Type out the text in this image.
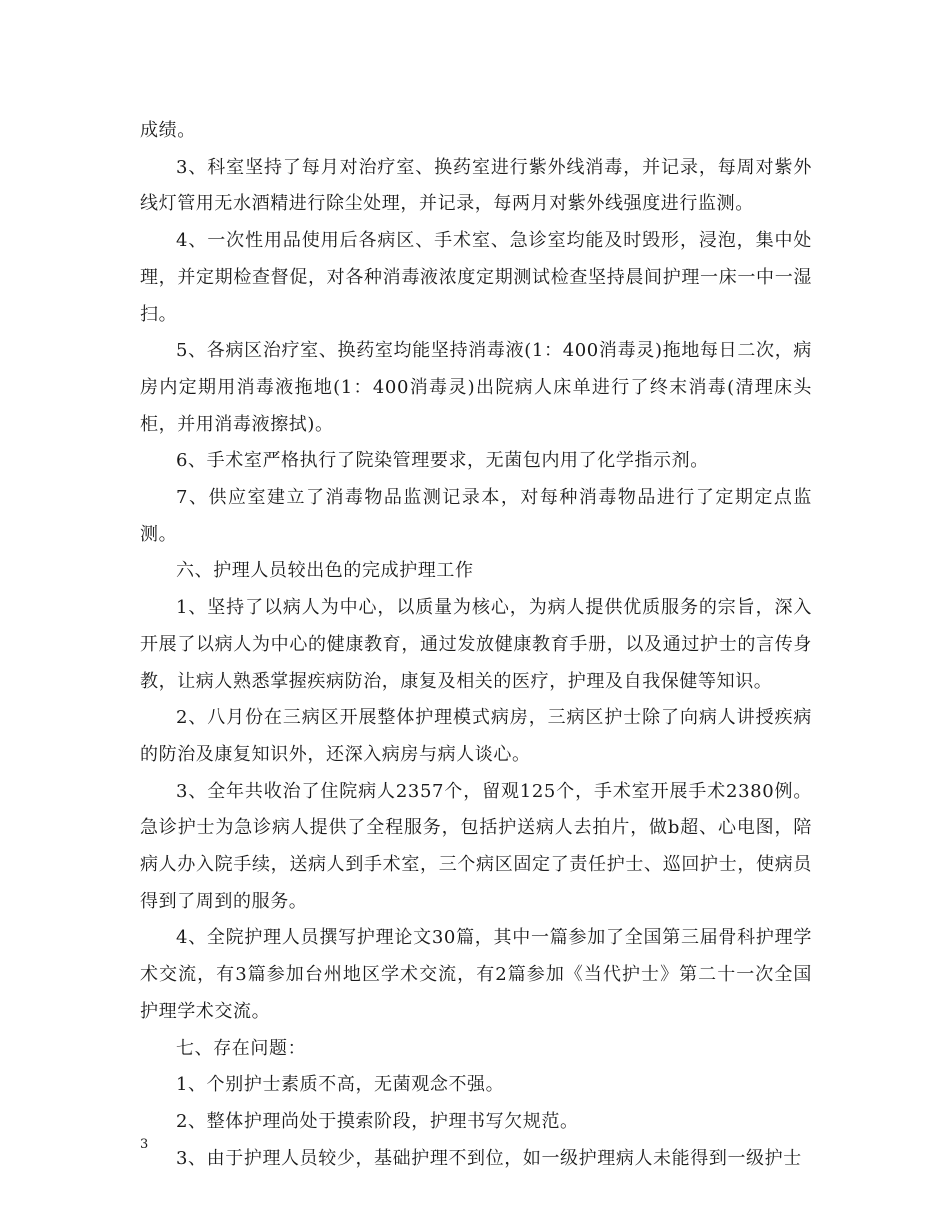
成绩。

3、科室坚持了每月对治疗室、换药室进行紫外线消毒，并记录，每周对紫外线灯管用无水酒精进行除尘处理，并记录，每两月对紫外线强度进行监测。

4、一次性用品使用后各病区、手术室、急诊室均能及时毁形，浸泡，集中处理，并定期检查督促，对各种消毒液浓度定期测试检查坚持晨间护理一床一中一湿扫。

5、各病区治疗室、换药室均能坚持消毒液(1：400消毒灵)拖地每日二次，病房内定期用消毒液拖地(1：400消毒灵)出院病人床单进行了终末消毒(清理床头柜，并用消毒液擦拭)。

6、手术室严格执行了院染管理要求，无菌包内用了化学指示剂。

7、供应室建立了消毒物品监测记录本，对每种消毒物品进行了定期定点监测。

六、护理人员较出色的完成护理工作

1、坚持了以病人为中心，以质量为核心，为病人提供优质服务的宗旨，深入开展了以病人为中心的健康教育，通过发放健康教育手册，以及通过护士的言传身教，让病人熟悉掌握疾病防治，康复及相关的医疗，护理及自我保健等知识。

2、八月份在三病区开展整体护理模式病房，三病区护士除了向病人讲授疾病的防治及康复知识外，还深入病房与病人谈心。

3、全年共收治了住院病人2357个，留观125个，手术室开展手术2380例。急诊护士为急诊病人提供了全程服务，包括护送病人去拍片，做b超、心电图，陪病人办入院手续，送病人到手术室，三个病区固定了责任护士、巡回护士，使病员得到了周到的服务。

4、全院护理人员撰写护理论文30篇，其中一篇参加了全国第三届骨科护理学术交流，有3篇参加台州地区学术交流，有2篇参加《当代护士》第二十一次全国护理学术交流。

七、存在问题：

1、个别护士素质不高，无菌观念不强。

2、整体护理尚处于摸索阶段，护理书写欠规范。

3、由于护理人员较少，基础护理不到位，如一级护理病人未能得到一级护士

3
